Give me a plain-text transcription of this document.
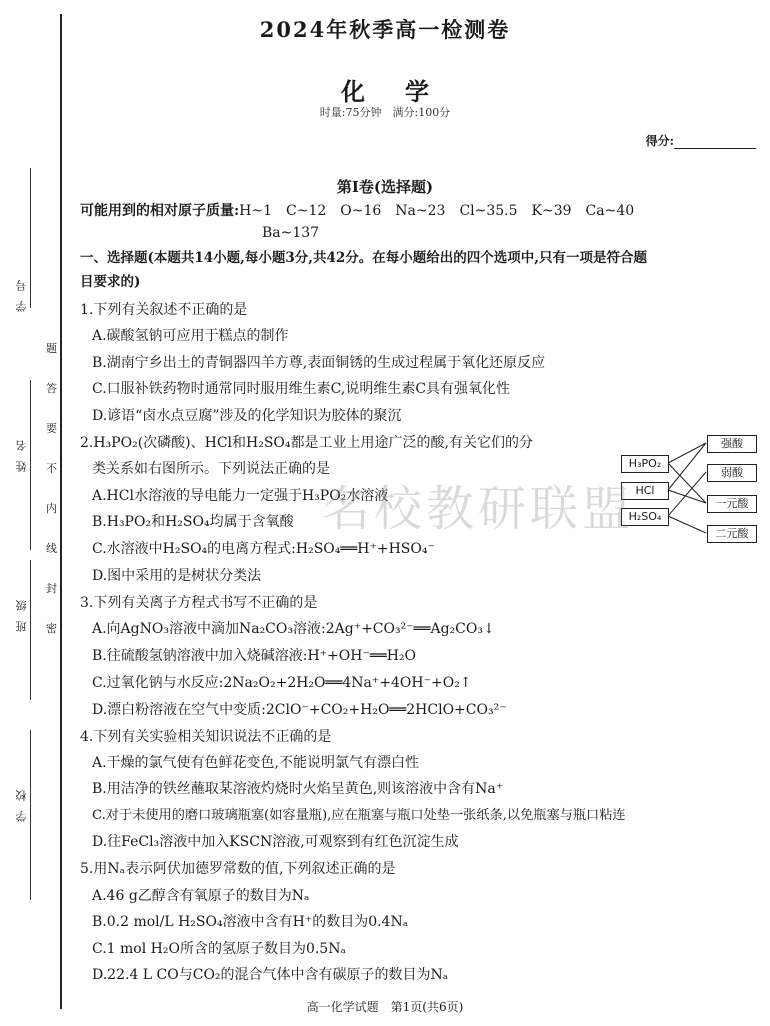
学号
姓名
班级
学校
题
答
要
不
内
线
封
密
2024年秋季高一检测卷
化学
时量:75分钟　满分:100分
得分:
第Ⅰ卷(选择题)
可能用到的相对原子质量:H~1　C~12　O~16　Na~23　Cl~35.5　K~39　Ca~40
Ba~137
一、选择题(本题共14小题,每小题3分,共42分。在每小题给出的四个选项中,只有一项是符合题
目要求的)
1.下列有关叙述不正确的是
A.碳酸氢钠可应用于糕点的制作
B.湖南宁乡出土的青铜器四羊方尊,表面铜锈的生成过程属于氧化还原反应
C.口服补铁药物时通常同时服用维生素C,说明维生素C具有强氧化性
D.谚语“卤水点豆腐”涉及的化学知识为胶体的聚沉
2.H₃PO₂(次磷酸)、HCl和H₂SO₄都是工业上用途广泛的酸,有关它们的分
类关系如右图所示。下列说法正确的是
A.HCl水溶液的导电能力一定强于H₃PO₂水溶液
B.H₃PO₂和H₂SO₄均属于含氧酸
C.水溶液中H₂SO₄的电离方程式:H₂SO₄══H⁺+HSO₄⁻
D.图中采用的是树状分类法
H₃PO₂
HCl
H₂SO₄
强酸
弱酸
一元酸
二元酸
3.下列有关离子方程式书写不正确的是
A.向AgNO₃溶液中滴加Na₂CO₃溶液:2Ag⁺+CO₃²⁻══Ag₂CO₃↓
B.往硫酸氢钠溶液中加入烧碱溶液:H⁺+OH⁻══H₂O
C.过氧化钠与水反应:2Na₂O₂+2H₂O══4Na⁺+4OH⁻+O₂↑
D.漂白粉溶液在空气中变质:2ClO⁻+CO₂+H₂O══2HClO+CO₃²⁻
4.下列有关实验相关知识说法不正确的是
A.干燥的氯气使有色鲜花变色,不能说明氯气有漂白性
B.用洁净的铁丝蘸取某溶液灼烧时火焰呈黄色,则该溶液中含有Na⁺
C.对于未使用的磨口玻璃瓶塞(如容量瓶),应在瓶塞与瓶口处垫一张纸条,以免瓶塞与瓶口粘连
D.往FeCl₃溶液中加入KSCN溶液,可观察到有红色沉淀生成
5.用Nₐ表示阿伏加德罗常数的值,下列叙述正确的是
A.46 g乙醇含有氧原子的数目为Nₐ
B.0.2 mol/L H₂SO₄溶液中含有H⁺的数目为0.4Nₐ
C.1 mol H₂O所含的氢原子数目为0.5Nₐ
D.22.4 L CO与CO₂的混合气体中含有碳原子的数目为Nₐ
名校教研联盟
高一化学试题　第1页(共6页)
